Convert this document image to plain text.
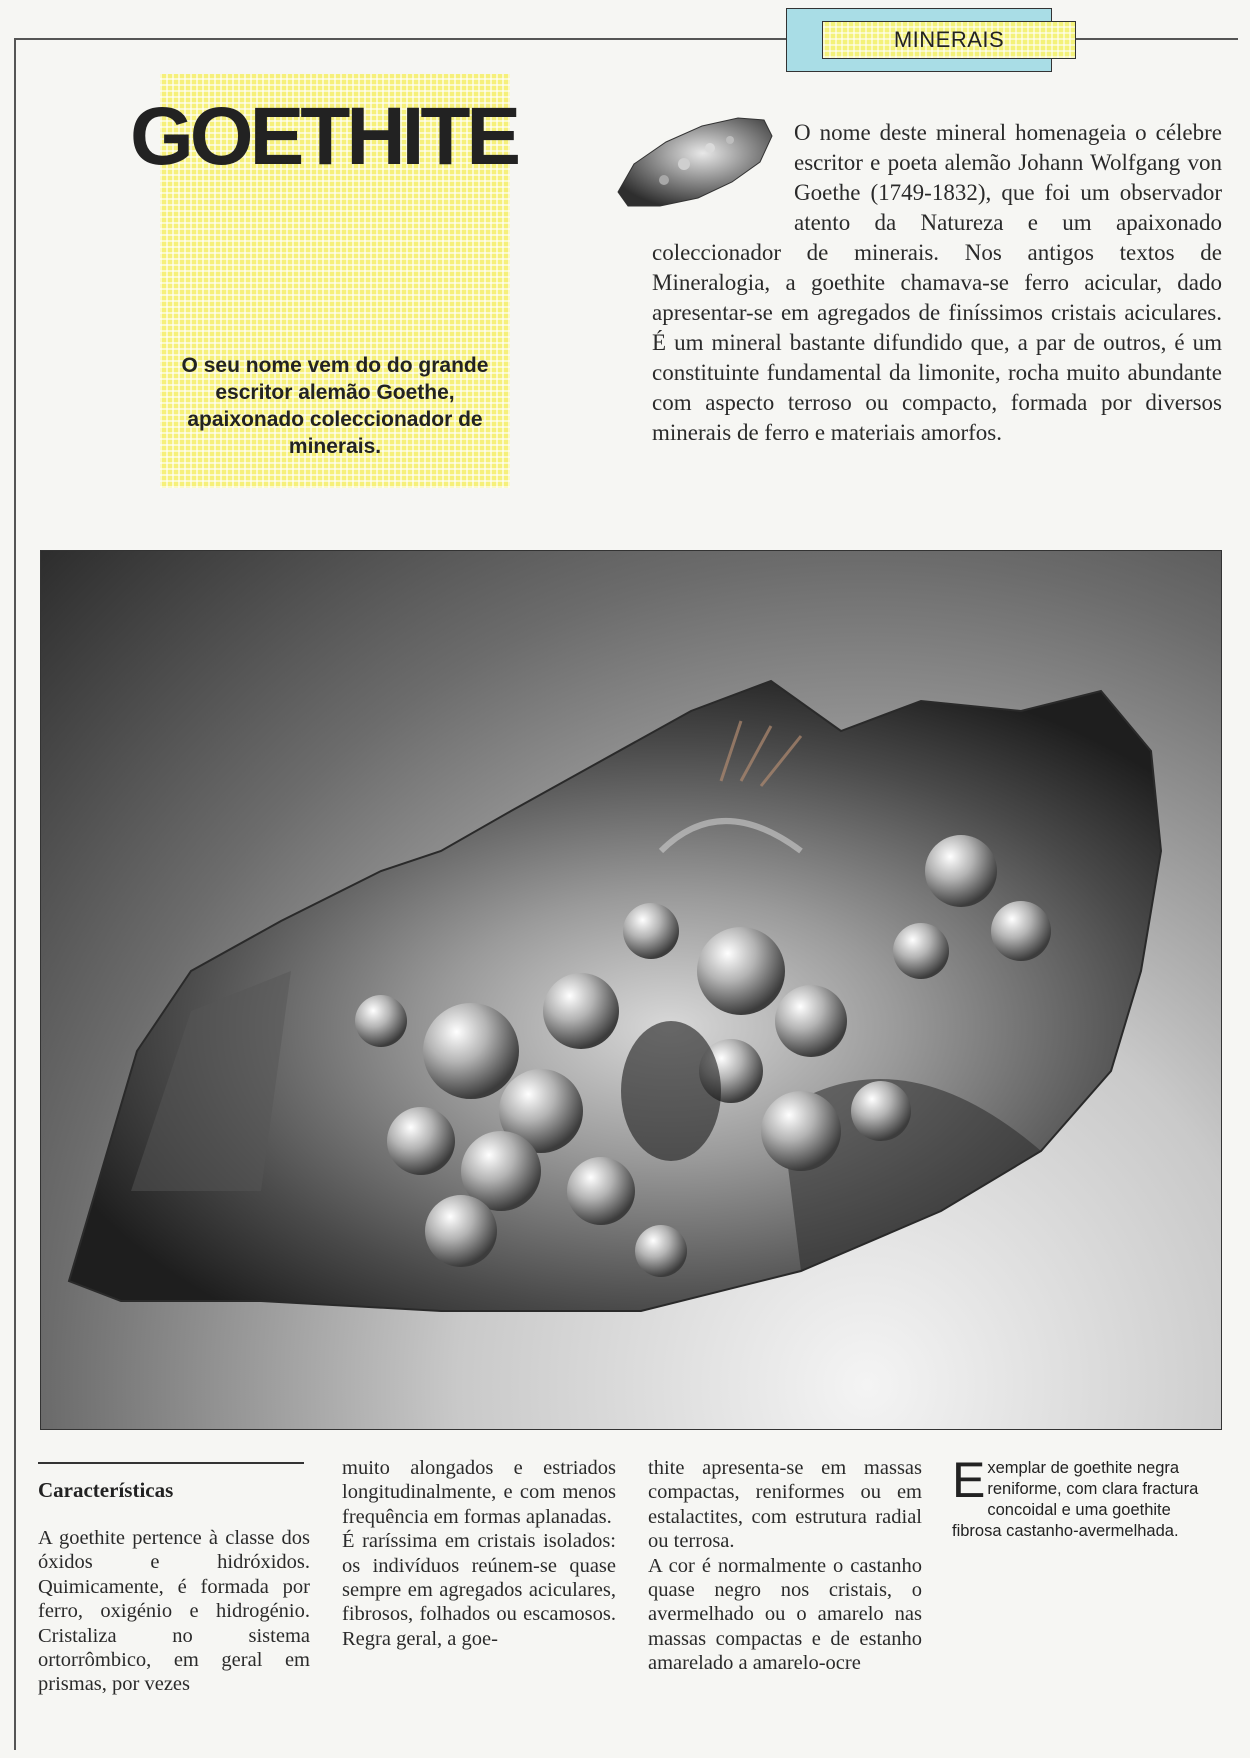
MINERAIS
GOETHITE
O seu nome vem do do grande escritor alemão Goethe, apaixonado coleccionador de minerais.
O nome deste mineral homenageia o célebre escritor e poeta alemão Johann Wolfgang von Goethe (1749-1832), que foi um observador atento da Natureza e um apaixonado coleccionador de minerais. Nos antigos textos de Mineralogia, a goethite chamava-se ferro acicular, dado apresentar-se em agregados de finíssimos cristais aciculares. É um mineral bastante difundido que, a par de outros, é um constituinte fundamental da limonite, rocha muito abundante com aspecto terroso ou compacto, formada por diversos minerais de ferro e materiais amorfos.
Características

A goethite pertence à classe dos óxidos e hidróxidos. Quimicamente, é formada por ferro, oxigénio e hidrogénio. Cristaliza no sistema ortorrômbico, em geral em prismas, por vezes

muito alongados e estriados longitudinalmente, e com menos frequência em formas aplanadas.

É raríssima em cristais isolados: os indivíduos reúnem-se quase sempre em agregados aciculares, fibrosos, folhados ou escamosos. Regra geral, a goe-

thite apresenta-se em massas compactas, reniformes ou em estalactites, com estrutura radial ou terrosa.

A cor é normalmente o castanho quase negro nos cristais, o avermelhado ou o amarelo nas massas compactas e de estanho amarelado a amarelo-ocre

E xemplar de goethite negra reniforme, com clara fractura concoidal e uma goethite fibrosa castanho-avermelhada.
